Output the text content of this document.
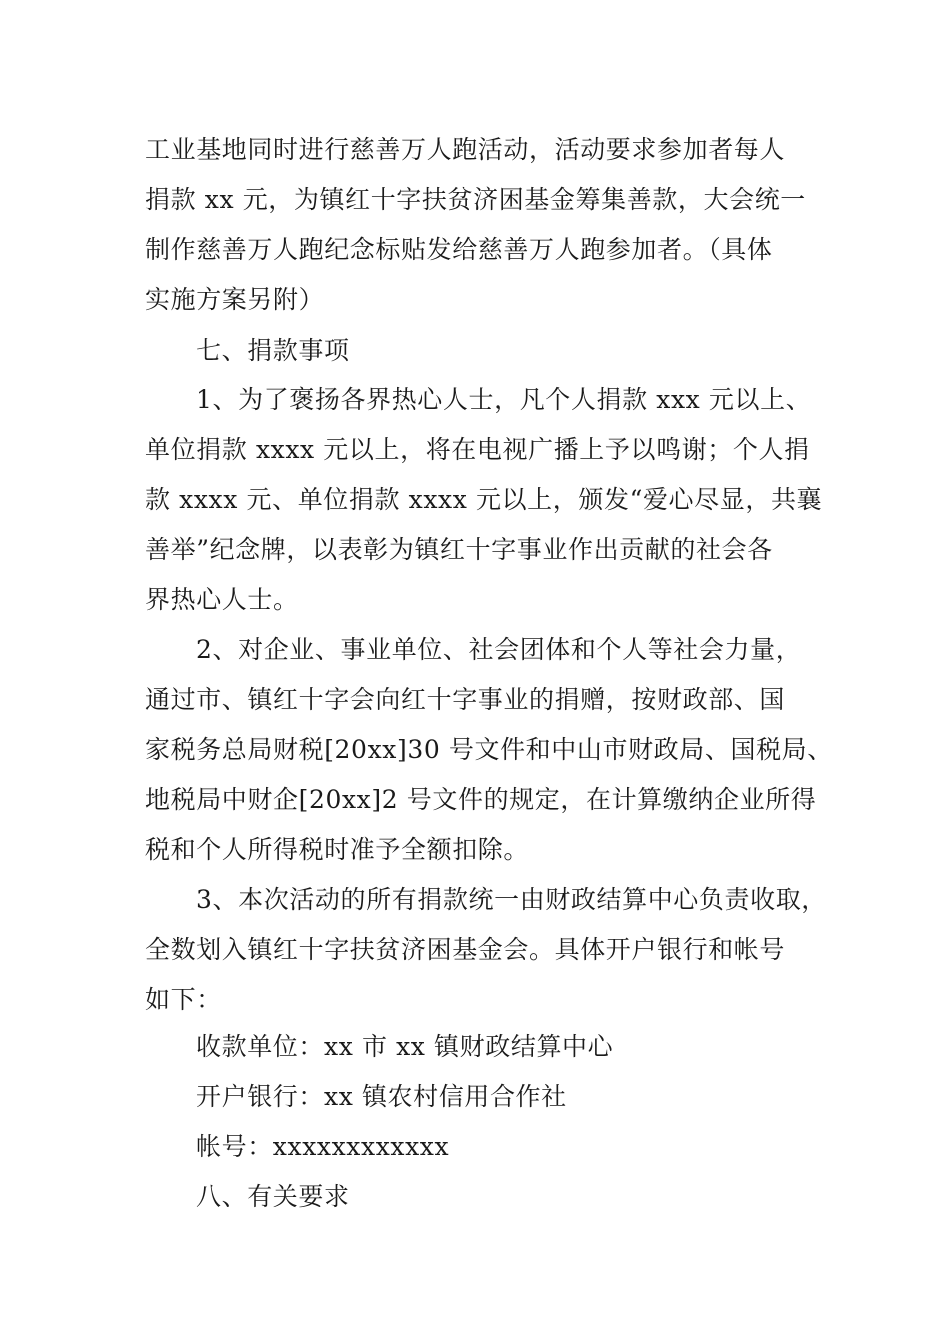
工业基地同时进行慈善万人跑活动，活动要求参加者每人

捐款 xx 元，为镇红十字扶贫济困基金筹集善款，大会统一

制作慈善万人跑纪念标贴发给慈善万人跑参加者。（具体

实施方案另附）

七、捐款事项

1、为了褒扬各界热心人士，凡个人捐款 xxx 元以上、

单位捐款 xxxx 元以上，将在电视广播上予以鸣谢；个人捐

款 xxxx 元、单位捐款 xxxx 元以上，颁发“爱心尽显，共襄

善举”纪念牌，以表彰为镇红十字事业作出贡献的社会各

界热心人士。

2、对企业、事业单位、社会团体和个人等社会力量，

通过市、镇红十字会向红十字事业的捐赠，按财政部、国

家税务总局财税[20xx]30 号文件和中山市财政局、国税局、

地税局中财企[20xx]2 号文件的规定，在计算缴纳企业所得

税和个人所得税时准予全额扣除。

3、本次活动的所有捐款统一由财政结算中心负责收取，

全数划入镇红十字扶贫济困基金会。具体开户银行和帐号

如下：

收款单位：xx 市 xx 镇财政结算中心

开户银行：xx 镇农村信用合作社

帐号：xxxxxxxxxxxx

八、有关要求
